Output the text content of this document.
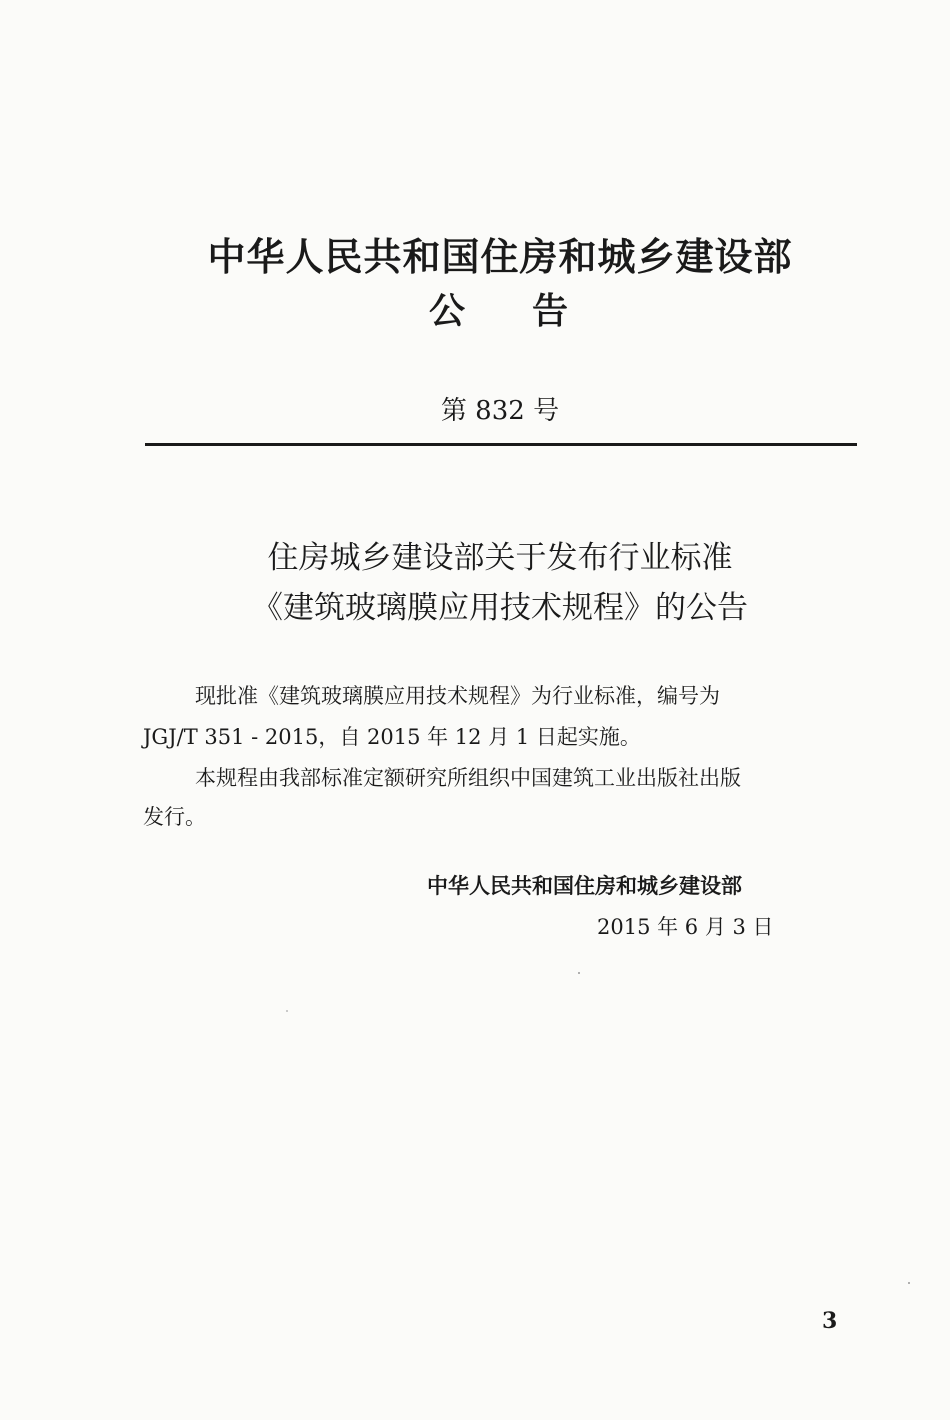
中华人民共和国住房和城乡建设部
公 告
第 832 号
住房城乡建设部关于发布行业标准
《建筑玻璃膜应用技术规程》的公告
现批准《建筑玻璃膜应用技术规程》为行业标准，编号为
JGJ/T 351 - 2015，自 2015 年 12 月 1 日起实施。
本规程由我部标准定额研究所组织中国建筑工业出版社出版
发行。
中华人民共和国住房和城乡建设部
2015 年 6 月 3 日
3
